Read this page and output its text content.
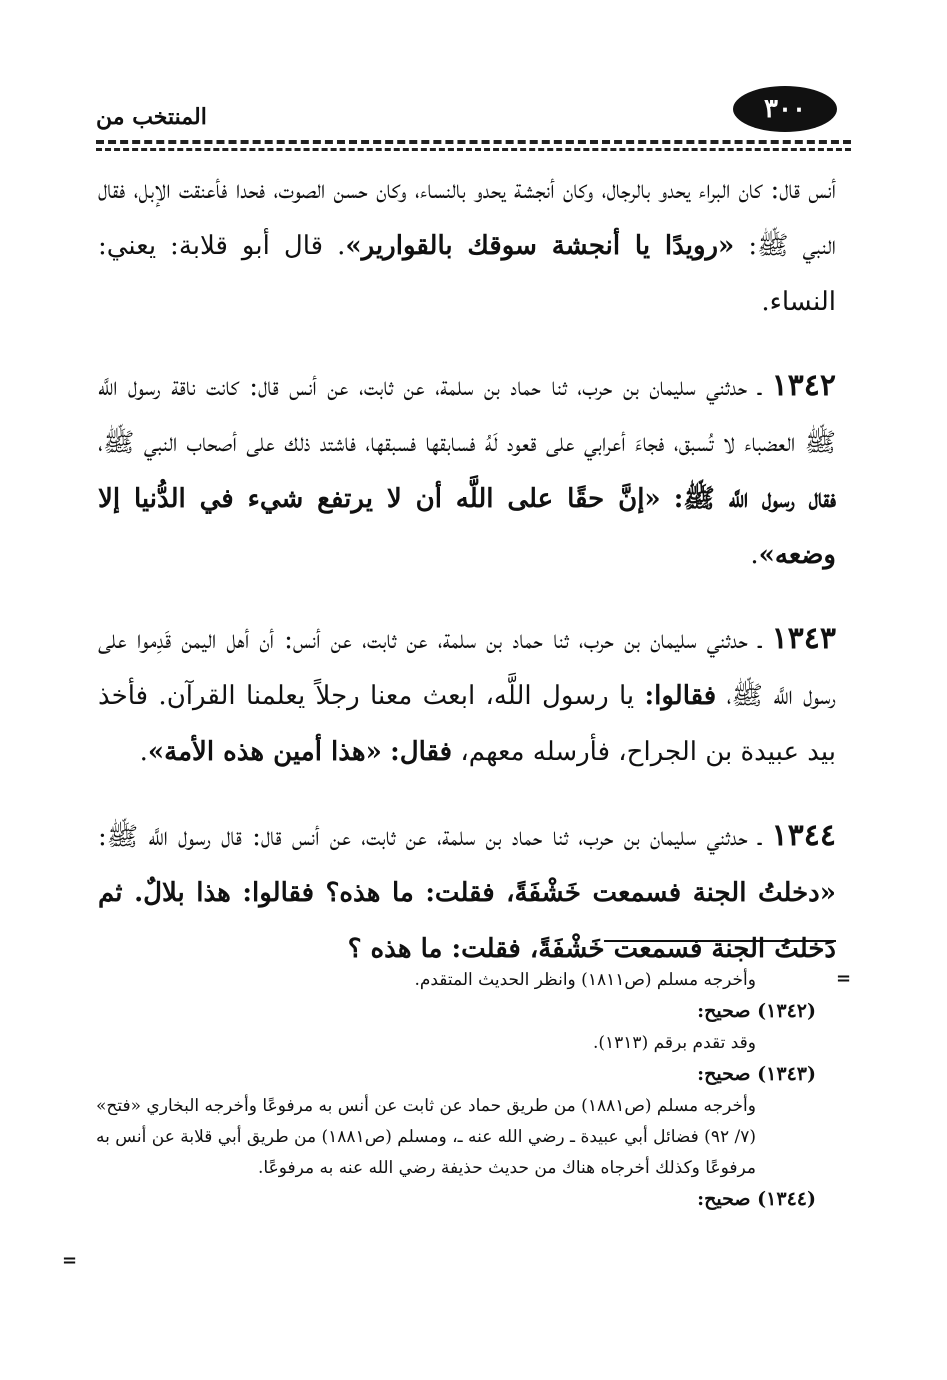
٣٠٠
المنتخب من

أنس قال: كان البراء يحدو بالرجال، وكان أنجشة يحدو بالنساء، وكان حسن الصوت، فحدا فأعنقت الإبل، فقال النبي ﷺ: «رويدًا يا أنجشة سوقك بالقوارير». قال أبو قلابة: يعني: النساء.

١٣٤٢ ـ حدثني سليمان بن حرب، ثنا حماد بن سلمة، عن ثابت، عن أنس قال: كانت ناقة رسول اللَّه ﷺ العضباء لا تُسبق، فجاءَ أعرابي على قعود لَهُ فسابقها فسبقها، فاشتد ذلك على أصحاب النبي ﷺ، فقال رسول اللَّه ﷺ: «إنَّ حقًا على اللَّه أن لا يرتفع شيء في الدُّنيا إلا وضعه».

١٣٤٣ ـ حدثني سليمان بن حرب، ثنا حماد بن سلمة، عن ثابت، عن أنس: أن أهل اليمن قَدِموا على رسول اللَّه ﷺ، فقالوا: يا رسول اللَّه، ابعث معنا رجلاً يعلمنا القرآن. فأخذ بيد عبيدة بن الجراح، فأرسله معهم، فقال: «هذا أمين هذه الأمة».

١٣٤٤ ـ حدثني سليمان بن حرب، ثنا حماد بن سلمة، عن ثابت، عن أنس قال: قال رسول اللَّه ﷺ: «دخلتُ الجنة فسمعت خَشْفَةً، فقلت: ما هذه؟ فقالوا: هذا بلالٌ. ثم دَخلتُ الجنة فسمعت خَشْفَةً، فقلت: ما هذه ؟

=
=

وأخرجه مسلم (ص١٨١١) وانظر الحديث المتقدم.

(١٣٤٢) صحيح:

وقد تقدم برقم (١٣١٣).

(١٣٤٣) صحيح:

وأخرجه مسلم (ص١٨٨١) من طريق حماد عن ثابت عن أنس به مرفوعًا وأخرجه البخاري «فتح» (٧/ ٩٢) فضائل أبي عبيدة ـ رضي الله عنه ـ، ومسلم (ص١٨٨١) من طريق أبي قلابة عن أنس به مرفوعًا وكذلك أخرجاه هناك من حديث حذيفة رضي الله عنه به مرفوعًا.

(١٣٤٤) صحيح:
